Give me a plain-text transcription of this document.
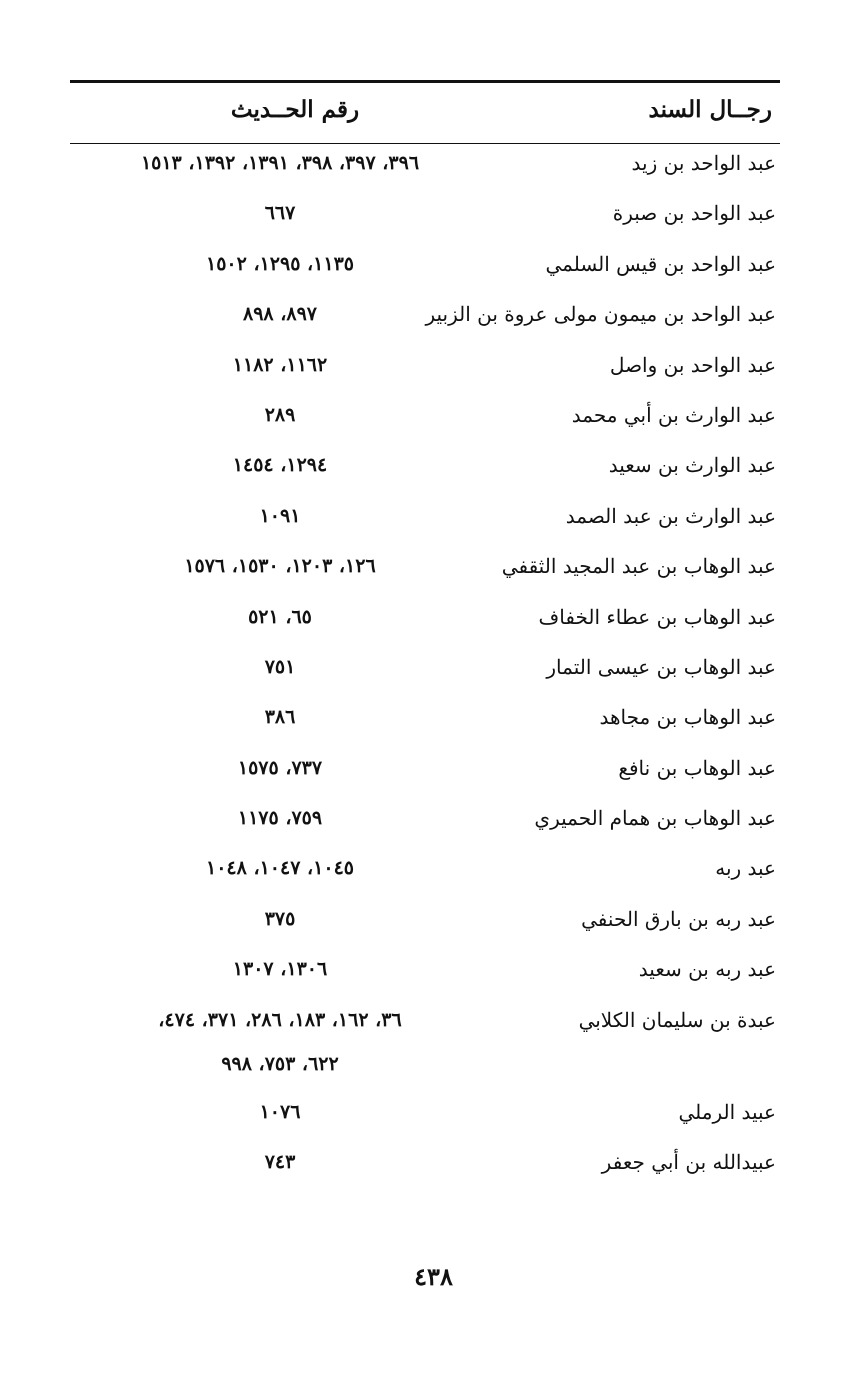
رجــال السند
رقم الحــديث
عبد الواحد بن زيد
٣٩٦، ٣٩٧، ٣٩٨، ١٣٩١، ١٣٩٢، ١٥١٣
عبد الواحد بن صبرة
٦٦٧
عبد الواحد بن قيس السلمي
١١٣٥، ١٢٩٥، ١٥٠٢
عبد الواحد بن ميمون مولى عروة بن الزبير
٨٩٧، ٨٩٨
عبد الواحد بن واصل
١١٦٢، ١١٨٢
عبد الوارث بن أبي محمد
٢٨٩
عبد الوارث بن سعيد
١٢٩٤، ١٤٥٤
عبد الوارث بن عبد الصمد
١٠٩١
عبد الوهاب بن عبد المجيد الثقفي
١٢٦، ١٢٠٣، ١٥٣٠، ١٥٧٦
عبد الوهاب بن عطاء الخفاف
٦٥، ٥٢١
عبد الوهاب بن عيسى التمار
٧٥١
عبد الوهاب بن مجاهد
٣٨٦
عبد الوهاب بن نافع
٧٣٧، ١٥٧٥
عبد الوهاب بن همام الحميري
٧٥٩، ١١٧٥
عبد ربه
١٠٤٥، ١٠٤٧، ١٠٤٨
عبد ربه بن بارق الحنفي
٣٧٥
عبد ربه بن سعيد
١٣٠٦، ١٣٠٧
عبدة بن سليمان الكلابي
٣٦، ١٦٢، ١٨٣، ٢٨٦، ٣٧١، ٤٧٤،
٦٢٢، ٧٥٣، ٩٩٨
عبيد الرملي
١٠٧٦
عبيدالله بن أبي جعفر
٧٤٣
٤٣٨
